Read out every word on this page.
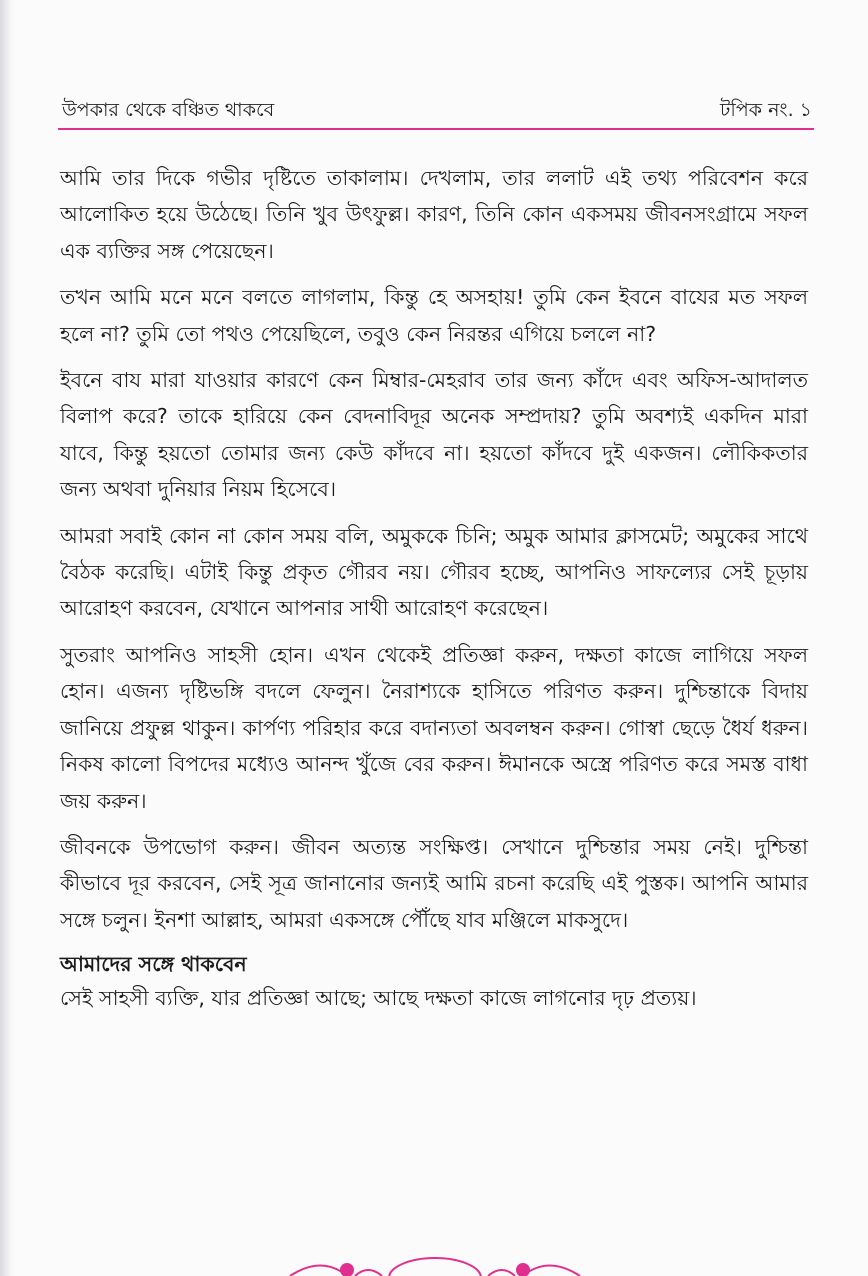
উপকার থেকে বঞ্চিত থাকবে	টপিক নং. ১

আমি তার দিকে গভীর দৃষ্টিতে তাকালাম। দেখলাম, তার ললাট এই তথ্য পরিবেশন করে আলোকিত হয়ে উঠেছে। তিনি খুব উৎফুল্ল। কারণ, তিনি কোন একসময় জীবনসংগ্রামে সফল এক ব্যক্তির সঙ্গ পেয়েছেন।

তখন আমি মনে মনে বলতে লাগলাম, কিন্তু হে অসহায়! তুমি কেন ইবনে বাযের মত সফল হলে না? তুমি তো পথও পেয়েছিলে, তবুও কেন নিরন্তর এগিয়ে চললে না?

ইবনে বায মারা যাওয়ার কারণে কেন মিম্বার-মেহরাব তার জন্য কাঁদে এবং অফিস-আদালত বিলাপ করে? তাকে হারিয়ে কেন বেদনাবিদূর অনেক সম্প্রদায়? তুমি অবশ্যই একদিন মারা যাবে, কিন্তু হয়তো তোমার জন্য কেউ কাঁদবে না। হয়তো কাঁদবে দুই একজন। লৌকিকতার জন্য অথবা দুনিয়ার নিয়ম হিসেবে।

আমরা সবাই কোন না কোন সময় বলি, অমুককে চিনি; অমুক আমার ক্লাসমেট; অমুকের সাথে বৈঠক করেছি। এটাই কিন্তু প্রকৃত গৌরব নয়। গৌরব হচ্ছে, আপনিও সাফল্যের সেই চূড়ায় আরোহণ করবেন, যেখানে আপনার সাথী আরোহণ করেছেন।

সুতরাং আপনিও সাহসী হোন। এখন থেকেই প্রতিজ্ঞা করুন, দক্ষতা কাজে লাগিয়ে সফল হোন। এজন্য দৃষ্টিভঙ্গি বদলে ফেলুন। নৈরাশ্যকে হাসিতে পরিণত করুন। দুশ্চিন্তাকে বিদায় জানিয়ে প্রফুল্ল থাকুন। কার্পণ্য পরিহার করে বদান্যতা অবলম্বন করুন। গোস্বা ছেড়ে ধৈর্য ধরুন। নিকষ কালো বিপদের মধ্যেও আনন্দ খুঁজে বের করুন। ঈমানকে অস্ত্রে পরিণত করে সমস্ত বাধা জয় করুন।

জীবনকে উপভোগ করুন। জীবন অত্যন্ত সংক্ষিপ্ত। সেখানে দুশ্চিন্তার সময় নেই। দুশ্চিন্তা কীভাবে দূর করবেন, সেই সূত্র জানানোর জন্যই আমি রচনা করেছি এই পুস্তক। আপনি আমার সঙ্গে চলুন। ইনশা আল্লাহ, আমরা একসঙ্গে পৌঁছে যাব মঞ্জিলে মাকসুদে।

আমাদের সঙ্গে থাকবেন

সেই সাহসী ব্যক্তি, যার প্রতিজ্ঞা আছে; আছে দক্ষতা কাজে লাগনোর দৃঢ় প্রত্যয়।
